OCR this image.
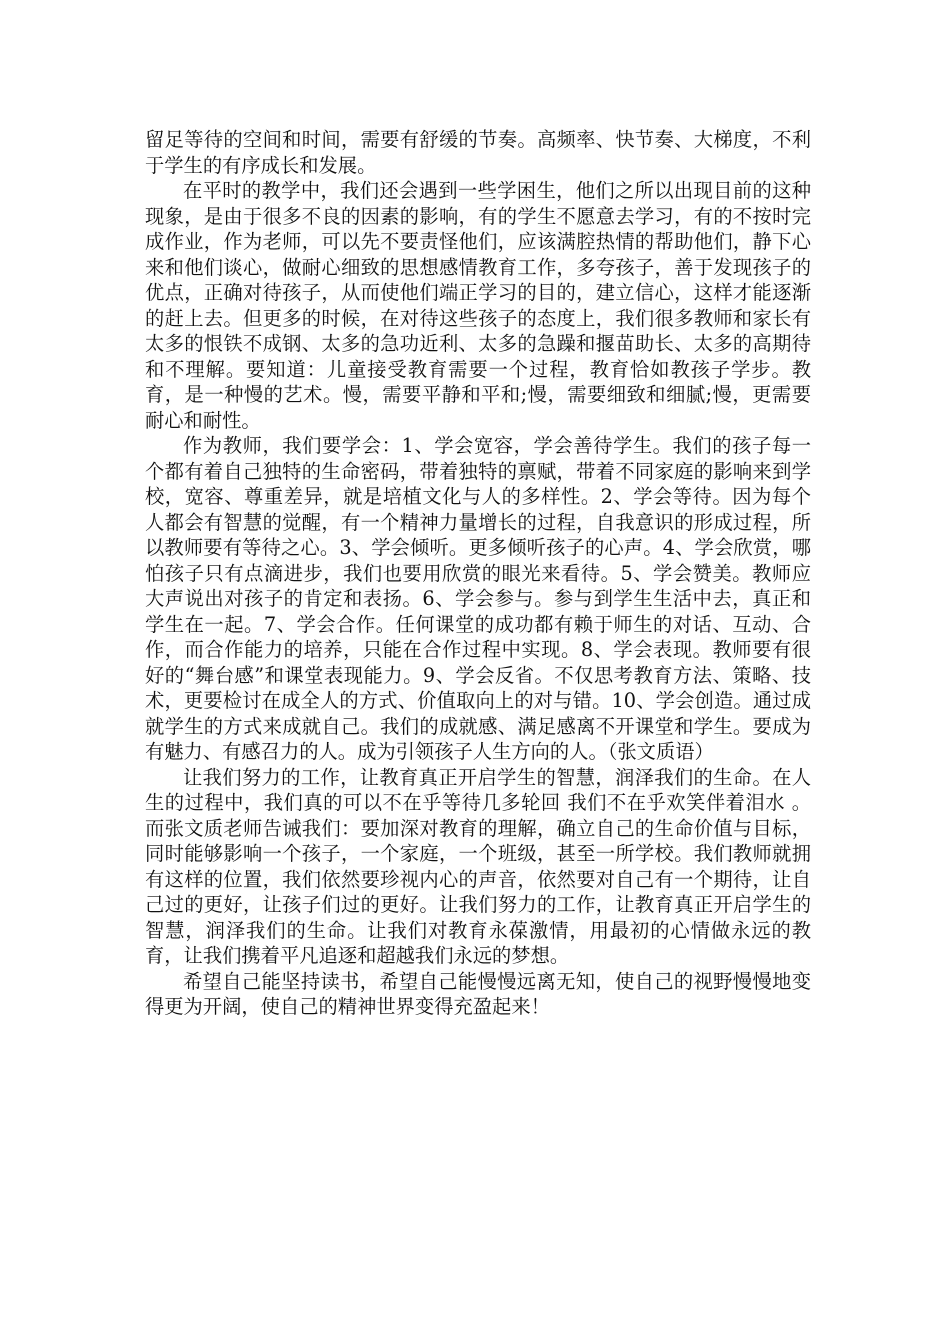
留足等待的空间和时间，需要有舒缓的节奏。高频率、快节奏、大梯度，不利于学生的有序成长和发展。

在平时的教学中，我们还会遇到一些学困生，他们之所以出现目前的这种现象，是由于很多不良的因素的影响，有的学生不愿意去学习，有的不按时完成作业，作为老师，可以先不要责怪他们，应该满腔热情的帮助他们，静下心来和他们谈心，做耐心细致的思想感情教育工作，多夸孩子，善于发现孩子的优点，正确对待孩子，从而使他们端正学习的目的，建立信心，这样才能逐渐的赶上去。但更多的时候，在对待这些孩子的态度上，我们很多教师和家长有太多的恨铁不成钢、太多的急功近利、太多的急躁和揠苗助长、太多的高期待和不理解。要知道：儿童接受教育需要一个过程，教育恰如教孩子学步。教育，是一种慢的艺术。慢，需要平静和平和;慢，需要细致和细腻;慢，更需要耐心和耐性。

作为教师，我们要学会：1、学会宽容，学会善待学生。我们的孩子每一个都有着自己独特的生命密码，带着独特的禀赋，带着不同家庭的影响来到学校，宽容、尊重差异，就是培植文化与人的多样性。2、学会等待。因为每个人都会有智慧的觉醒，有一个精神力量增长的过程，自我意识的形成过程，所以教师要有等待之心。3、学会倾听。更多倾听孩子的心声。4、学会欣赏，哪怕孩子只有点滴进步，我们也要用欣赏的眼光来看待。5、学会赞美。教师应大声说出对孩子的肯定和表扬。6、学会参与。参与到学生生活中去，真正和学生在一起。7、学会合作。任何课堂的成功都有赖于师生的对话、互动、合作，而合作能力的培养，只能在合作过程中实现。8、学会表现。教师要有很好的“舞台感”和课堂表现能力。9、学会反省。不仅思考教育方法、策略、技术，更要检讨在成全人的方式、价值取向上的对与错。10、学会创造。通过成就学生的方式来成就自己。我们的成就感、满足感离不开课堂和学生。要成为有魅力、有感召力的人。成为引领孩子人生方向的人。（张文质语）

让我们努力的工作，让教育真正开启学生的智慧，润泽我们的生命。在人生的过程中，我们真的可以不在乎等待几多轮回 我们不在乎欢笑伴着泪水 。而张文质老师告诫我们：要加深对教育的理解，确立自己的生命价值与目标，同时能够影响一个孩子，一个家庭，一个班级，甚至一所学校。我们教师就拥有这样的位置，我们依然要珍视内心的声音，依然要对自己有一个期待，让自己过的更好，让孩子们过的更好。让我们努力的工作，让教育真正开启学生的智慧，润泽我们的生命。让我们对教育永葆激情，用最初的心情做永远的教育，让我们携着平凡追逐和超越我们永远的梦想。

希望自己能坚持读书，希望自己能慢慢远离无知，使自己的视野慢慢地变得更为开阔，使自己的精神世界变得充盈起来！
